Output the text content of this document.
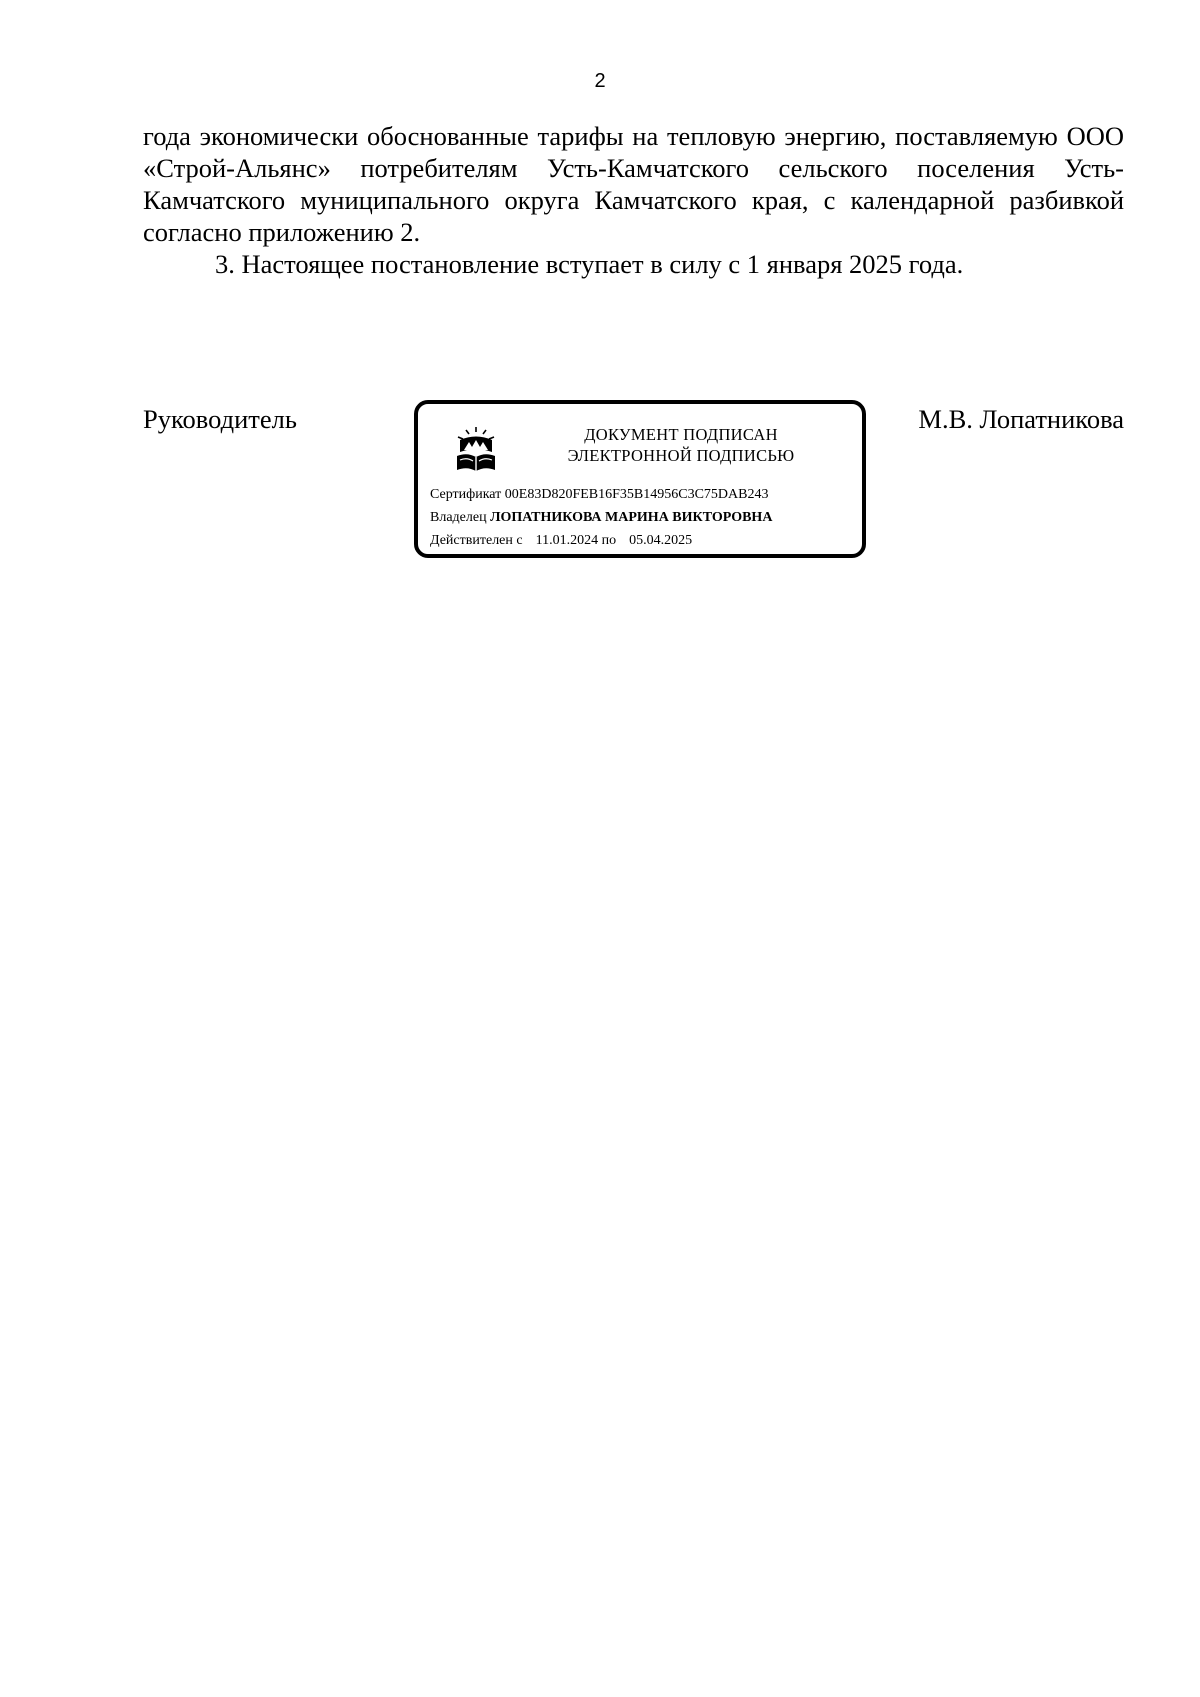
2

года экономически обоснованные тарифы на тепловую энергию, поставляемую ООО «Строй-Альянс» потребителям Усть-Камчатского сельского поселения Усть-Камчатского муниципального округа Камчатского края, с календарной разбивкой согласно приложению 2.

3. Настоящее постановление вступает в силу с 1 января 2025 года.

Руководитель
ДОКУМЕНТ ПОДПИСАН
ЭЛЕКТРОННОЙ ПОДПИСЬЮ
Сертификат 00E83D820FEB16F35B14956C3C75DAB243
Владелец ЛОПАТНИКОВА МАРИНА ВИКТОРОВНА
Действителен с 11.01.2024 по 05.04.2025
М.В. Лопатникова
